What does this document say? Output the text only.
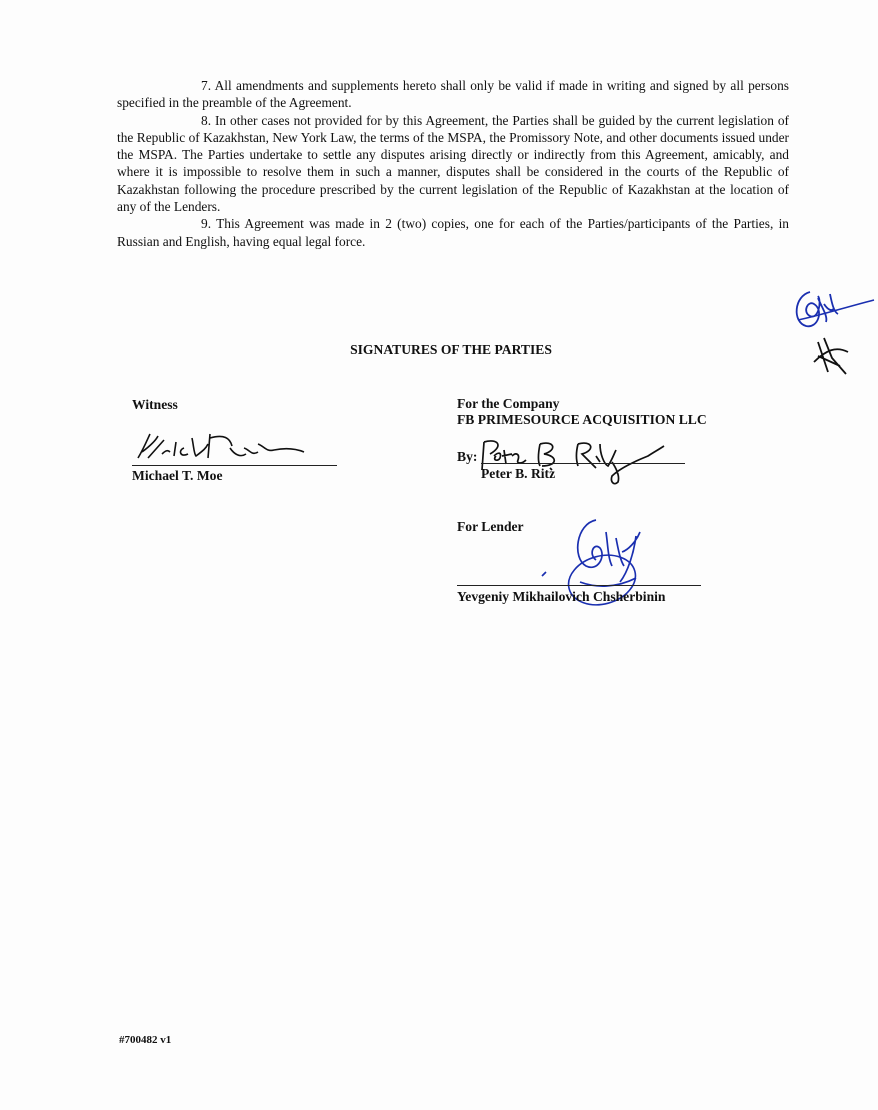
7. All amendments and supplements hereto shall only be valid if made in writing and signed by all persons specified in the preamble of the Agreement.

8. In other cases not provided for by this Agreement, the Parties shall be guided by the current legislation of the Republic of Kazakhstan, New York Law, the terms of the MSPA, the Promissory Note, and other documents issued under the MSPA. The Parties undertake to settle any disputes arising directly or indirectly from this Agreement, amicably, and where it is impossible to resolve them in such a manner, disputes shall be considered in the courts of the Republic of Kazakhstan following the procedure prescribed by the current legislation of the Republic of Kazakhstan at the location of any of the Lenders.

9. This Agreement was made in 2 (two) copies, one for each of the Parties/participants of the Parties, in Russian and English, having equal legal force.

SIGNATURES OF THE PARTIES
Witness
Michael T. Moe
For the Company
FB PRIMESOURCE ACQUISITION LLC
By:
Peter B. Ritz
For Lender
Yevgeniy Mikhailovich Chsherbinin
#700482 v1
